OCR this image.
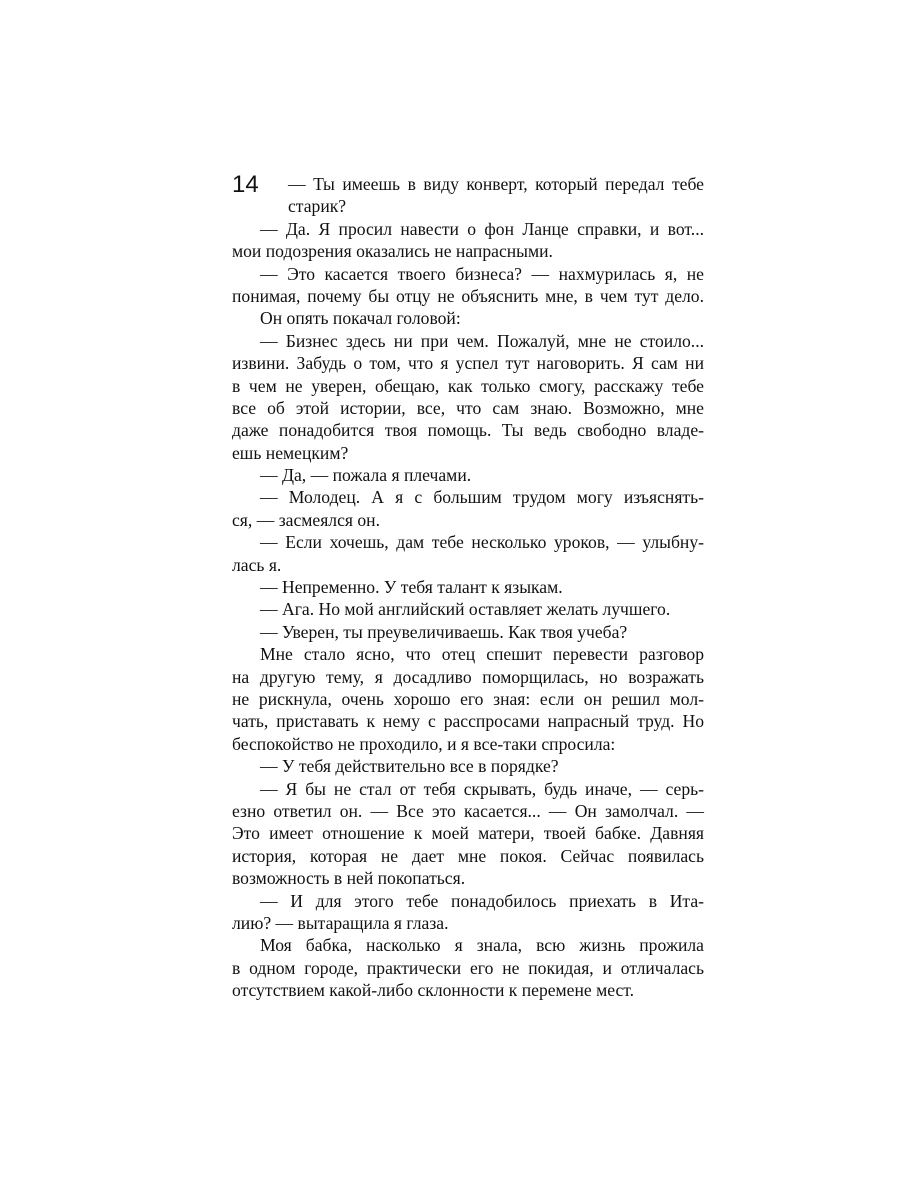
14	— Ты имеешь в виду конверт, который передал тебе
старик?
— Да. Я просил навести о фон Ланце справки, и вот...
мои подозрения оказались не напрасными.
— Это касается твоего бизнеса? — нахмурилась я, не
понимая, почему бы отцу не объяснить мне, в чем тут дело.
Он опять покачал головой:
— Бизнес здесь ни при чем. Пожалуй, мне не стоило...
извини. Забудь о том, что я успел тут наговорить. Я сам ни
в чем не уверен, обещаю, как только смогу, расскажу тебе
все об этой истории, все, что сам знаю. Возможно, мне
даже понадобится твоя помощь. Ты ведь свободно владе-
ешь немецким?
— Да, — пожала я плечами.
— Молодец. А я с большим трудом могу изъяснять-
ся, — засмеялся он.
— Если хочешь, дам тебе несколько уроков, — улыбну-
лась я.
— Непременно. У тебя талант к языкам.
— Ага. Но мой английский оставляет желать лучшего.
— Уверен, ты преувеличиваешь. Как твоя учеба?
Мне стало ясно, что отец спешит перевести разговор
на другую тему, я досадливо поморщилась, но возражать
не рискнула, очень хорошо его зная: если он решил мол-
чать, приставать к нему с расспросами напрасный труд. Но
беспокойство не проходило, и я все-таки спросила:
— У тебя действительно все в порядке?
— Я бы не стал от тебя скрывать, будь иначе, — серь-
езно ответил он. — Все это касается... — Он замолчал. —
Это имеет отношение к моей матери, твоей бабке. Давняя
история, которая не дает мне покоя. Сейчас появилась
возможность в ней покопаться.
— И для этого тебе понадобилось приехать в Ита-
лию? — вытаращила я глаза.
Моя бабка, насколько я знала, всю жизнь прожила
в одном городе, практически его не покидая, и отличалась
отсутствием какой-либо склонности к перемене мест.
